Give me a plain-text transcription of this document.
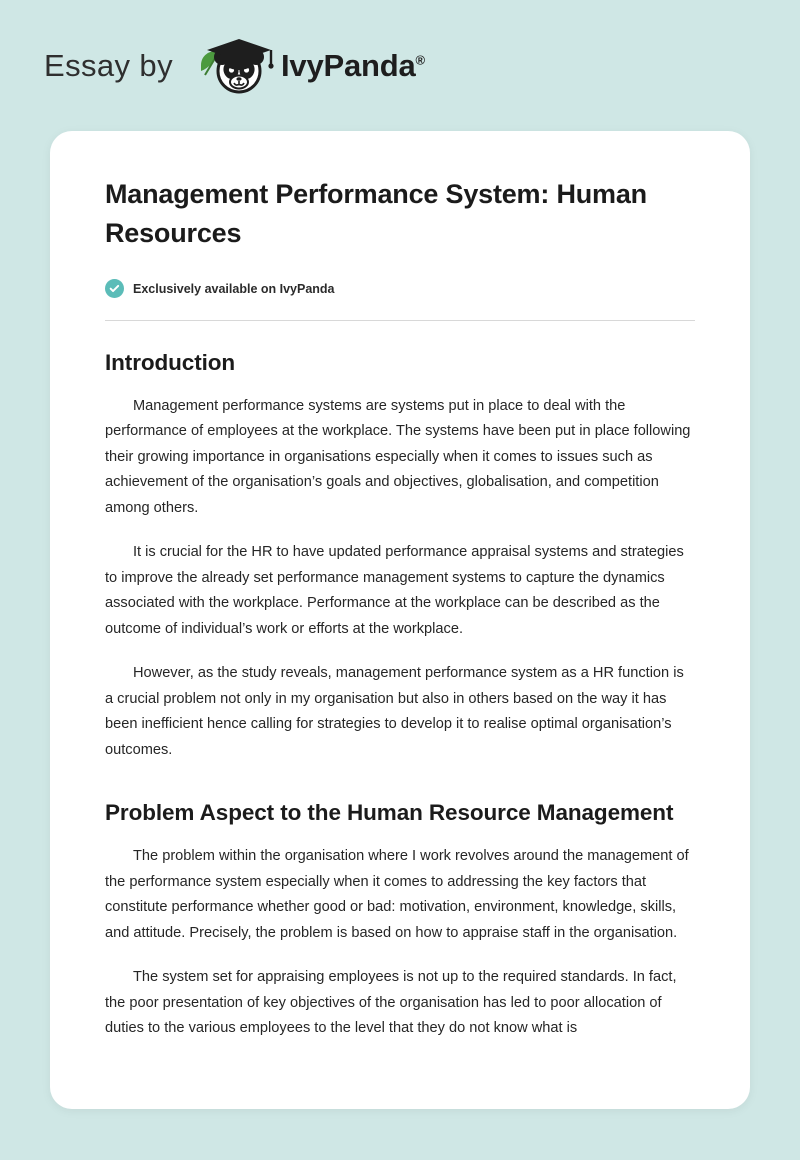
Essay by	IvyPanda®
Management Performance System: Human Resources
Exclusively available on IvyPanda
Introduction

Management performance systems are systems put in place to deal with the performance of employees at the workplace. The systems have been put in place following their growing importance in organisations especially when it comes to issues such as achievement of the organisation’s goals and objectives, globalisation, and competition among others.

It is crucial for the HR to have updated performance appraisal systems and strategies to improve the already set performance management systems to capture the dynamics associated with the workplace. Performance at the workplace can be described as the outcome of individual’s work or efforts at the workplace.

However, as the study reveals, management performance system as a HR function is a crucial problem not only in my organisation but also in others based on the way it has been inefficient hence calling for strategies to develop it to realise optimal organisation’s outcomes.

Problem Aspect to the Human Resource Management

The problem within the organisation where I work revolves around the management of the performance system especially when it comes to addressing the key factors that constitute performance whether good or bad: motivation, environment, knowledge, skills, and attitude. Precisely, the problem is based on how to appraise staff in the organisation.

The system set for appraising employees is not up to the required standards. In fact, the poor presentation of key objectives of the organisation has led to poor allocation of duties to the various employees to the level that they do not know what is
